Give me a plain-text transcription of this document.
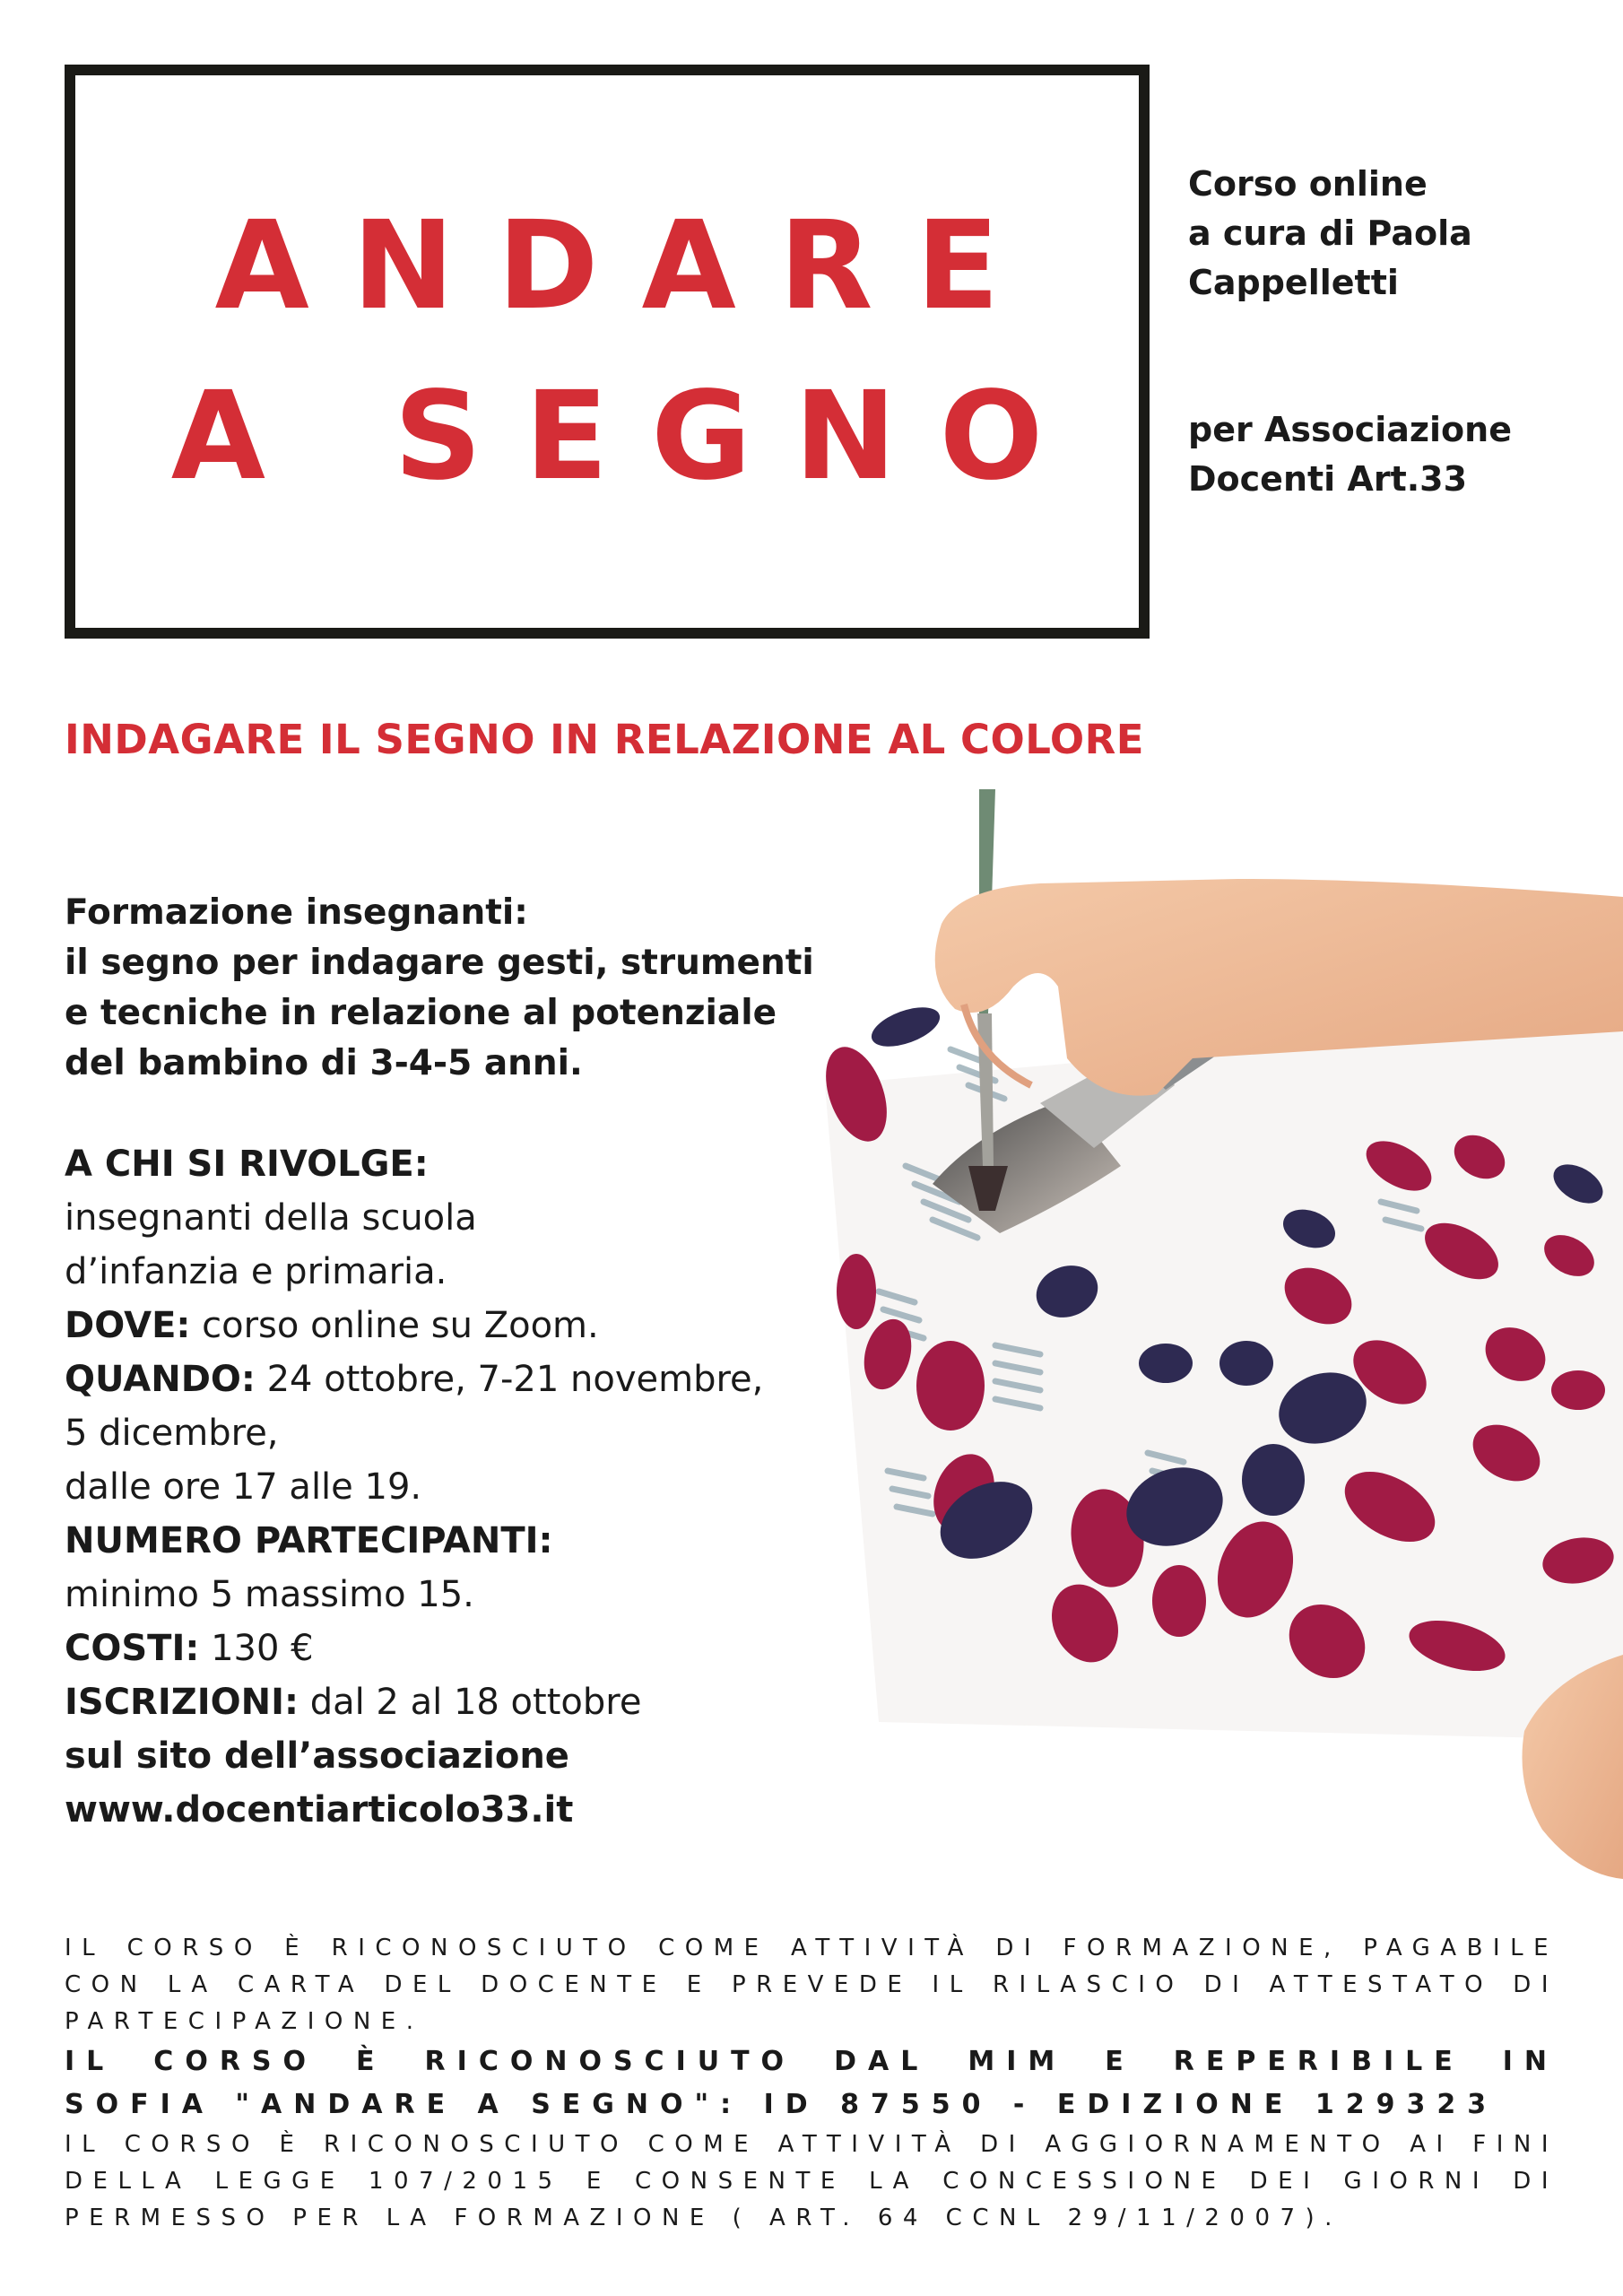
ANDARE
A SEGNO
Corso online
a cura di Paola
Cappelletti
per Associazione
Docenti Art.33
INDAGARE IL SEGNO IN RELAZIONE AL COLORE
Formazione insegnanti:
il segno per indagare gesti, strumenti
e tecniche in relazione al potenziale
del bambino di 3-4-5 anni.
A CHI SI RIVOLGE:
insegnanti della scuola
d’infanzia e primaria.
DOVE: corso online su Zoom.
QUANDO: 24 ottobre, 7-21 novembre,
5 dicembre,
dalle ore 17 alle 19.
NUMERO PARTECIPANTI:
minimo 5 massimo 15.
COSTI: 130 €
ISCRIZIONI: dal 2 al 18 ottobre
sul sito dell’associazione
www.docentiarticolo33.it

IL CORSO È RICONOSCIUTO COME ATTIVITÀ DI FORMAZIONE, PAGABILE CON LA CARTA DEL DOCENTE E PREVEDE IL RILASCIO DI ATTESTATO DI PARTECIPAZIONE.

IL CORSO È RICONOSCIUTO DAL MIM E REPERIBILE IN SOFIA "ANDARE A SEGNO": ID 87550 - EDIZIONE 129323

IL CORSO È RICONOSCIUTO COME ATTIVITÀ DI AGGIORNAMENTO AI FINI DELLA LEGGE 107/2015 E CONSENTE LA CONCESSIONE DEI GIORNI DI PERMESSO PER LA FORMAZIONE ( ART. 64 CCNL 29/11/2007).
